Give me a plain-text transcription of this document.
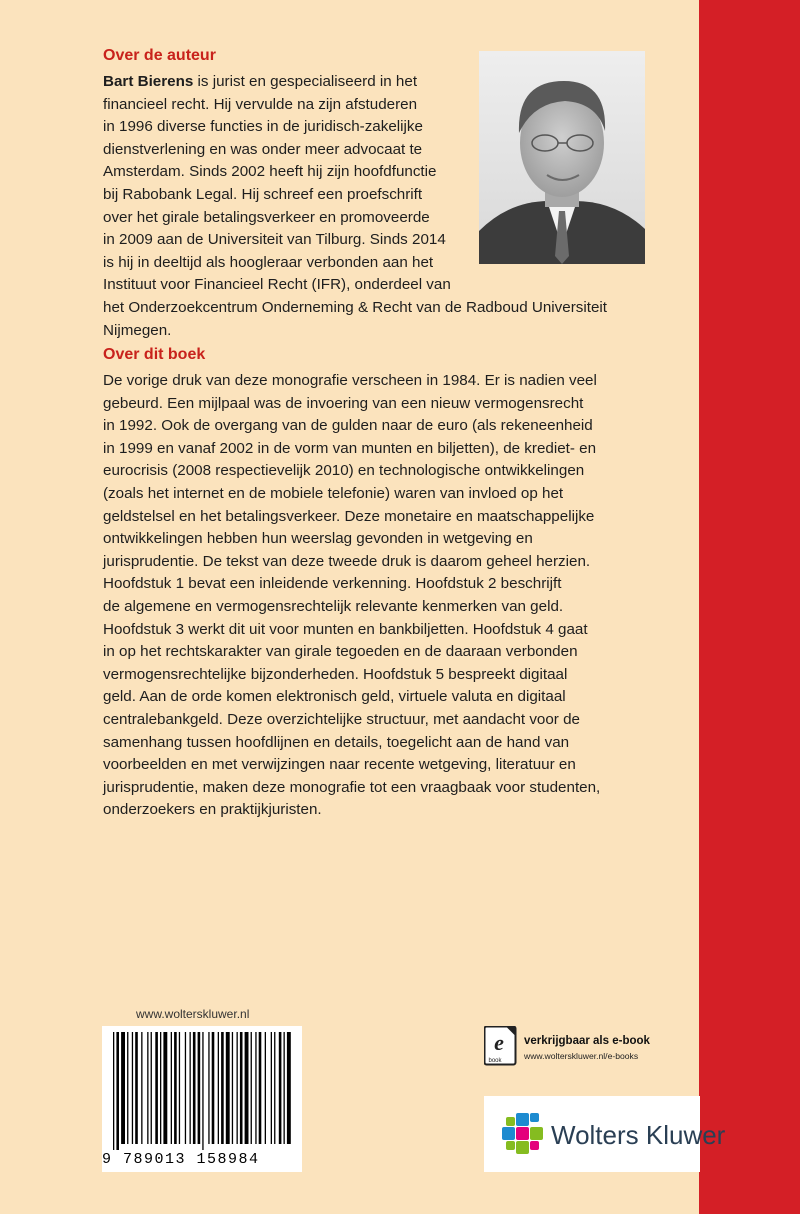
Over de auteur
Bart Bierens is jurist en gespecialiseerd in het
financieel recht. Hij vervulde na zijn afstuderen
in 1996 diverse functies in de juridisch-zakelijke
dienstverlening en was onder meer advocaat te
Amsterdam. Sinds 2002 heeft hij zijn hoofdfunctie
bij Rabobank Legal. Hij schreef een proefschrift
over het girale betalingsverkeer en promoveerde
in 2009 aan de Universiteit van Tilburg. Sinds 2014
is hij in deeltijd als hoogleraar verbonden aan het
Instituut voor Financieel Recht (IFR), onderdeel van
het Onderzoekcentrum Onderneming & Recht van de Radboud Universiteit
Nijmegen.
Over dit boek
De vorige druk van deze monografie verscheen in 1984. Er is nadien veel
gebeurd. Een mijlpaal was de invoering van een nieuw vermogensrecht
in 1992. Ook de overgang van de gulden naar de euro (als rekeneenheid
in 1999 en vanaf 2002 in de vorm van munten en biljetten), de krediet- en
eurocrisis (2008 respectievelijk 2010) en technologische ontwikkelingen
(zoals het internet en de mobiele telefonie) waren van invloed op het
geldstelsel en het betalingsverkeer. Deze monetaire en maatschappelijke
ontwikkelingen hebben hun weerslag gevonden in wetgeving en
jurisprudentie. De tekst van deze tweede druk is daarom geheel herzien.
Hoofdstuk 1 bevat een inleidende verkenning. Hoofdstuk 2 beschrijft
de algemene en vermogensrechtelijk relevante kenmerken van geld.
Hoofdstuk 3 werkt dit uit voor munten en bankbiljetten. Hoofdstuk 4 gaat
in op het rechtskarakter van girale tegoeden en de daaraan verbonden
vermogensrechtelijke bijzonderheden. Hoofdstuk 5 bespreekt digitaal
geld. Aan de orde komen elektronisch geld, virtuele valuta en digitaal
centralebankgeld. Deze overzichtelijke structuur, met aandacht voor de
samenhang tussen hoofdlijnen en details, toegelicht aan de hand van
voorbeelden en met verwijzingen naar recente wetgeving, literatuur en
jurisprudentie, maken deze monografie tot een vraagbaak voor studenten,
onderzoekers en praktijkjuristen.
www.wolterskluwer.nl
9 789013 158984
e
book
verkrijgbaar als e-book
www.wolterskluwer.nl/e-books
Wolters Kluwer
